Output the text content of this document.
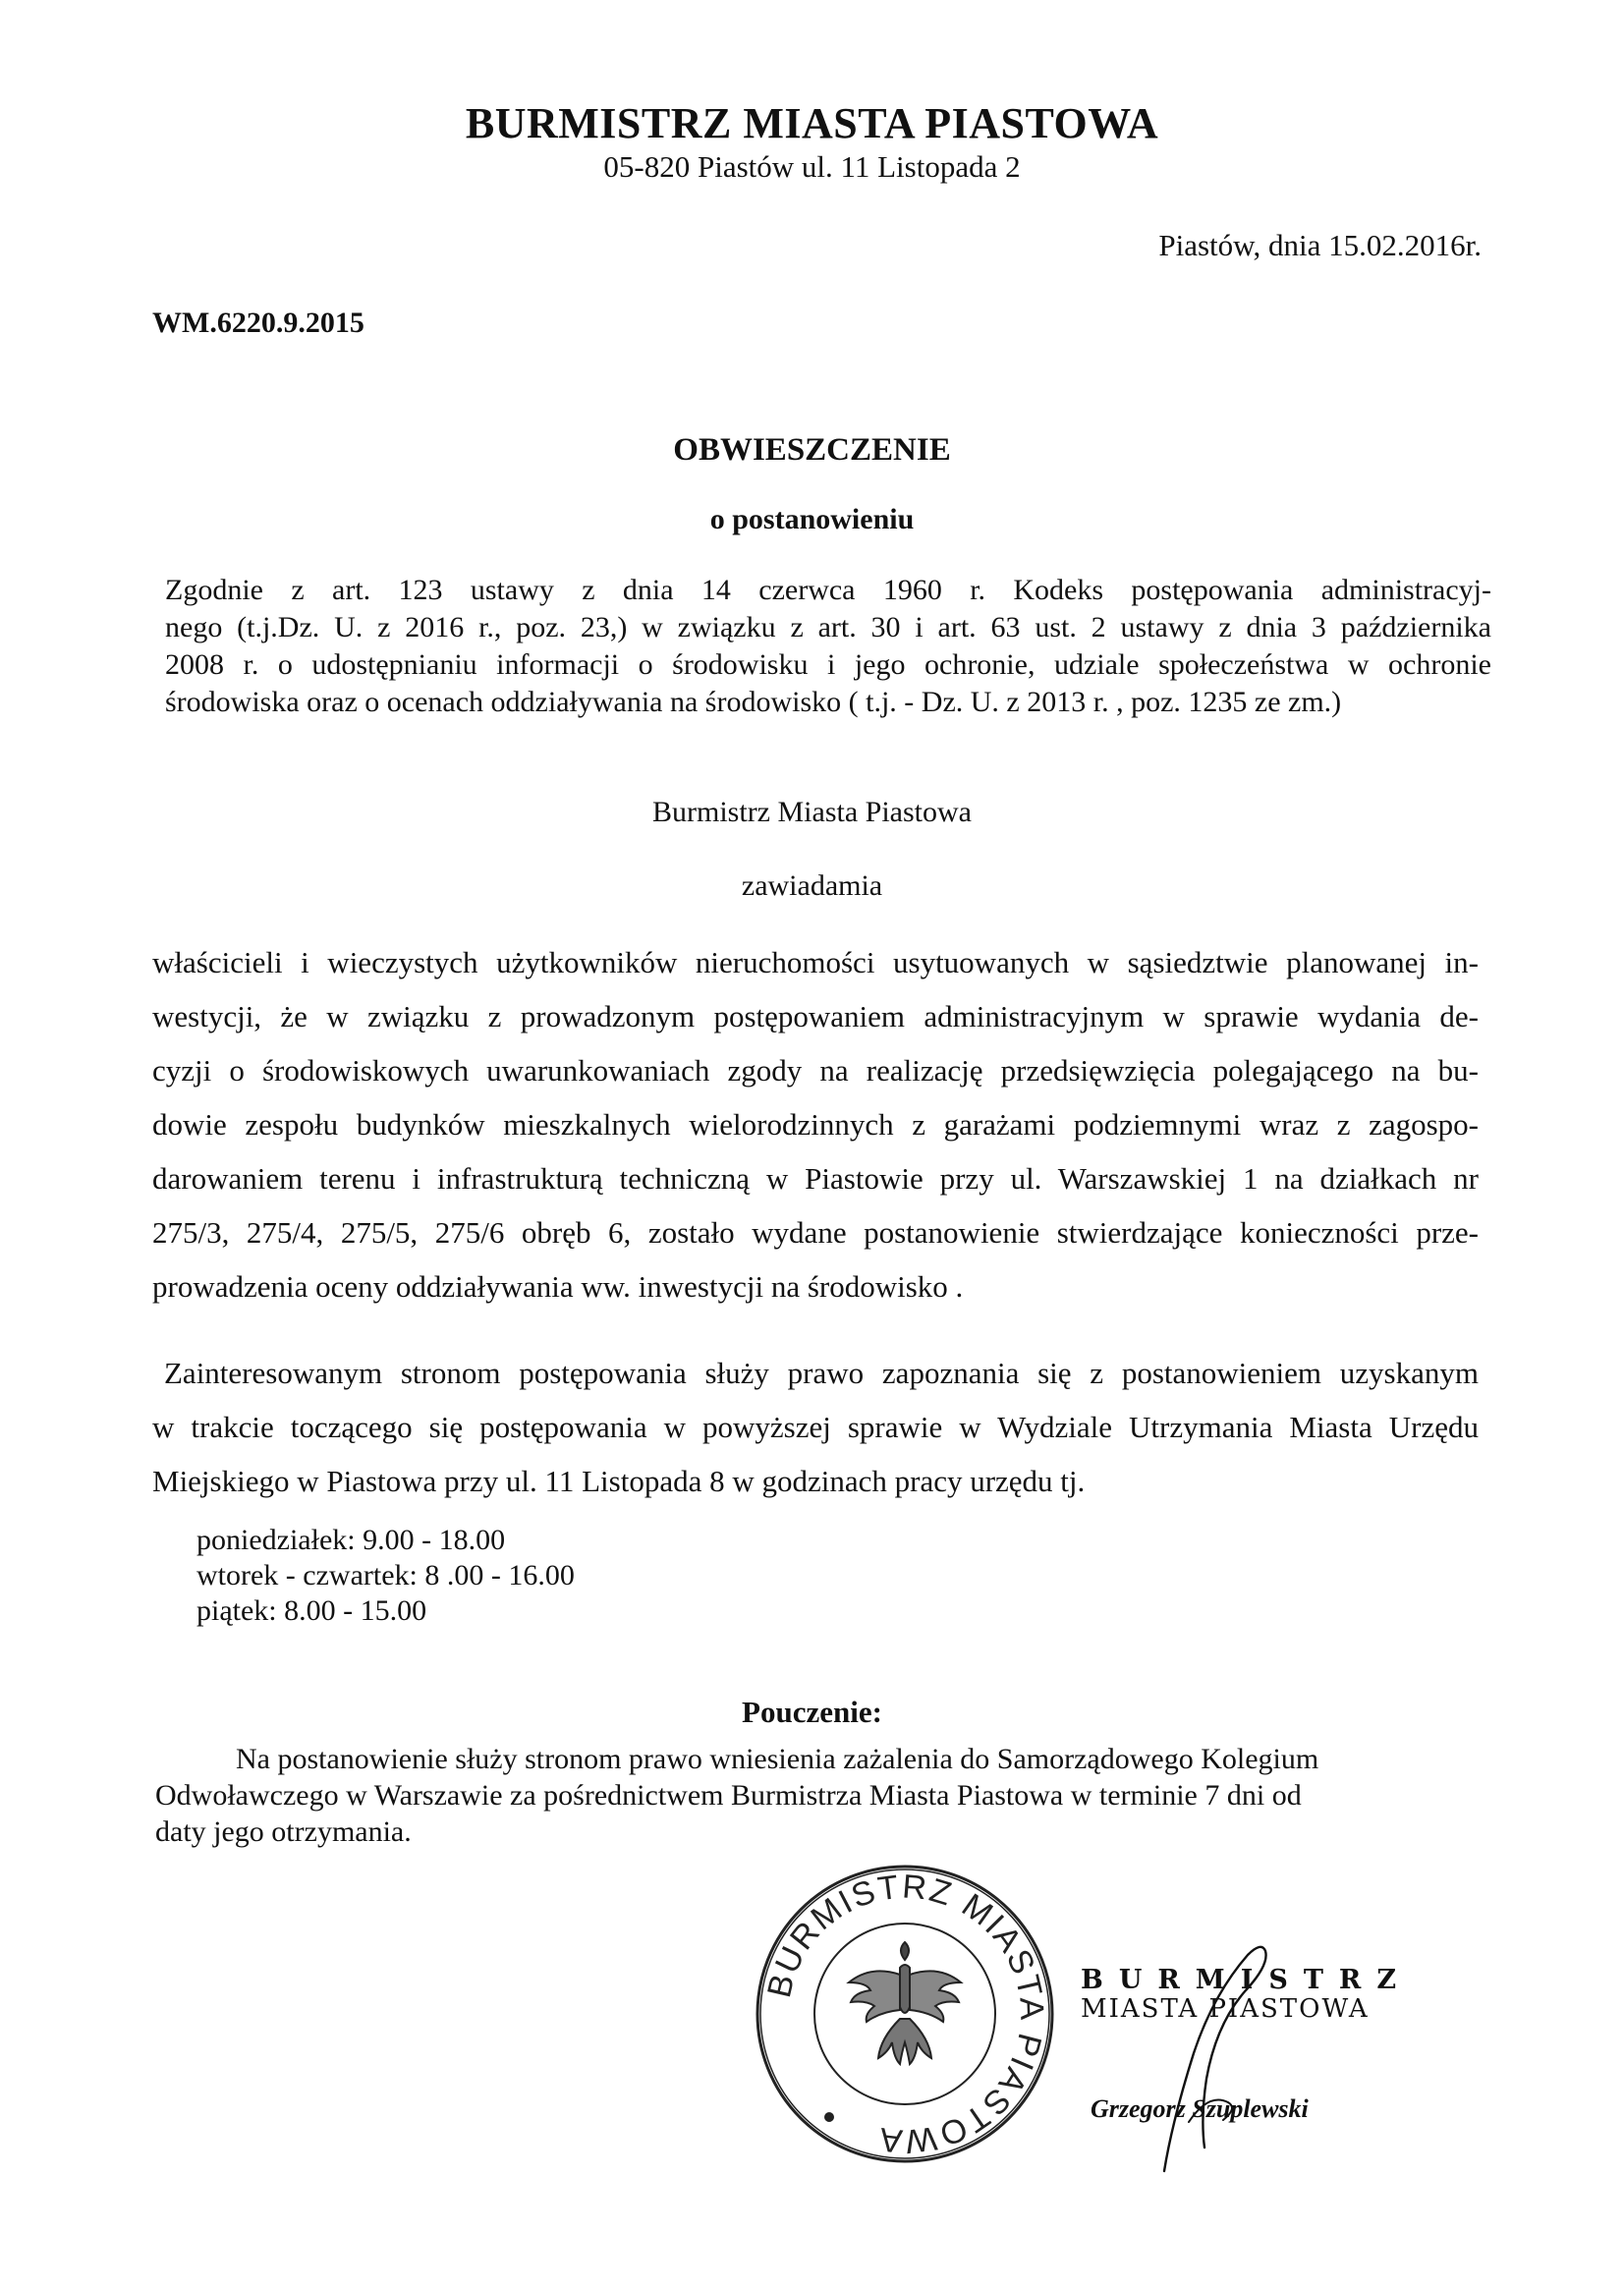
BURMISTRZ MIASTA PIASTOWA
05-820 Piastów ul. 11 Listopada 2
Piastów, dnia 15.02.2016r.
WM.6220.9.2015
OBWIESZCZENIE
o postanowieniu
Zgodnie z art. 123 ustawy z dnia 14 czerwca 1960 r. Kodeks postępowania administracyj-
nego (t.j.Dz. U. z 2016 r., poz. 23,) w związku z art. 30 i art. 63 ust. 2 ustawy z dnia 3 października
2008 r. o udostępnianiu informacji o środowisku i jego ochronie, udziale społeczeństwa w ochronie
środowiska oraz o ocenach oddziaływania na środowisko ( t.j. - Dz. U. z 2013 r. , poz. 1235 ze zm.)
Burmistrz Miasta Piastowa
zawiadamia
właścicieli i wieczystych użytkowników nieruchomości usytuowanych w sąsiedztwie planowanej in-
westycji, że w związku z prowadzonym postępowaniem administracyjnym w sprawie wydania de-
cyzji o środowiskowych uwarunkowaniach zgody na realizację przedsięwzięcia polegającego na bu-
dowie zespołu budynków mieszkalnych wielorodzinnych z garażami podziemnymi wraz z zagospo-
darowaniem terenu i infrastrukturą techniczną w Piastowie przy ul. Warszawskiej 1 na działkach nr
275/3, 275/4, 275/5, 275/6 obręb 6, zostało wydane postanowienie stwierdzające konieczności prze-
prowadzenia oceny oddziaływania ww. inwestycji na środowisko .
Zainteresowanym stronom postępowania służy prawo zapoznania się z postanowieniem uzyskanym
w trakcie toczącego się postępowania w powyższej sprawie w Wydziale Utrzymania Miasta Urzędu
Miejskiego w Piastowa przy ul. 11 Listopada 8 w godzinach pracy urzędu tj.
poniedziałek: 9.00 - 18.00
wtorek - czwartek: 8 .00 - 16.00
piątek: 8.00 - 15.00
Pouczenie:
Na postanowienie służy stronom prawo wniesienia zażalenia do Samorządowego Kolegium
Odwoławczego w Warszawie za pośrednictwem Burmistrza Miasta Piastowa w terminie 7 dni od
daty jego otrzymania.
BURMISTRZ MIASTA PIASTOWA
BURMISTRZ
MIASTA PIASTOWA
Grzegorz Szuplewski
